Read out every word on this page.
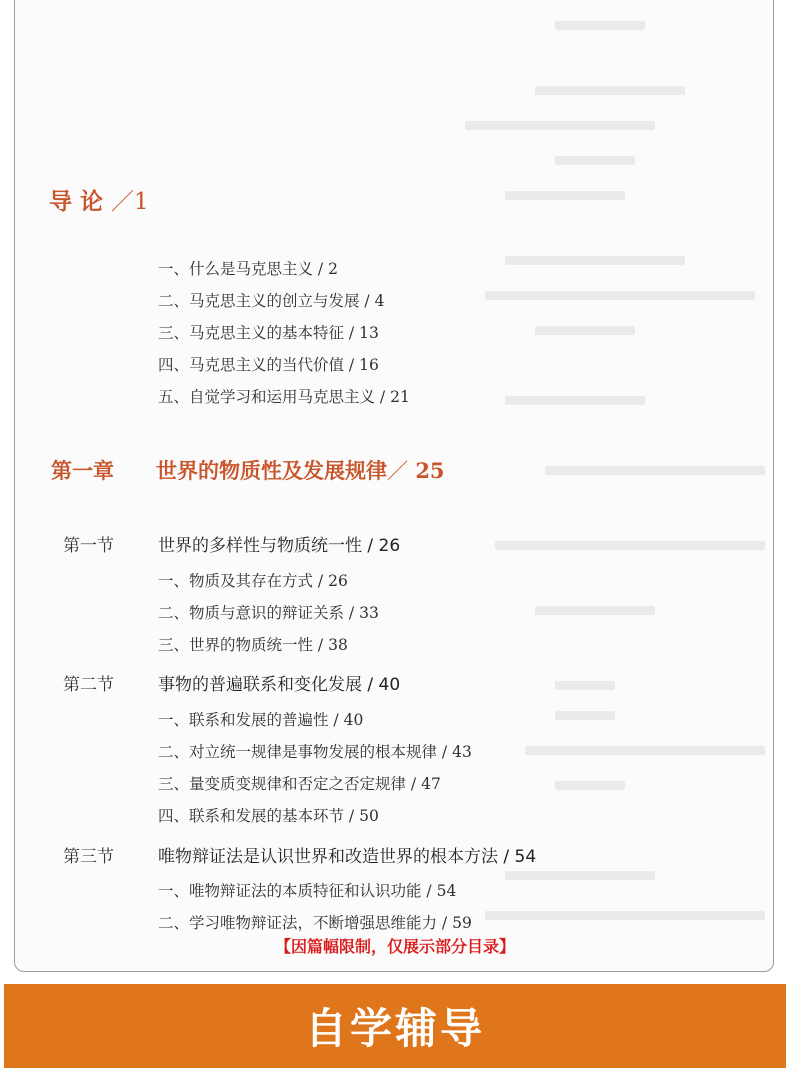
导 论 ／1
一、什么是马克思主义 / 2
二、马克思主义的创立与发展 / 4
三、马克思主义的基本特征 / 13
四、马克思主义的当代价值 / 16
五、自觉学习和运用马克思主义 / 21
第一章 世界的物质性及发展规律／ 25
第一节	世界的多样性与物质统一性 / 26
一、物质及其存在方式 / 26
二、物质与意识的辩证关系 / 33
三、世界的物质统一性 / 38
第二节	事物的普遍联系和变化发展 / 40
一、联系和发展的普遍性 / 40
二、对立统一规律是事物发展的根本规律 / 43
三、量变质变规律和否定之否定规律 / 47
四、联系和发展的基本环节 / 50
第三节	唯物辩证法是认识世界和改造世界的根本方法 / 54
一、唯物辩证法的本质特征和认识功能 / 54
二、学习唯物辩证法，不断增强思维能力 / 59
【因篇幅限制，仅展示部分目录】
自学辅导
